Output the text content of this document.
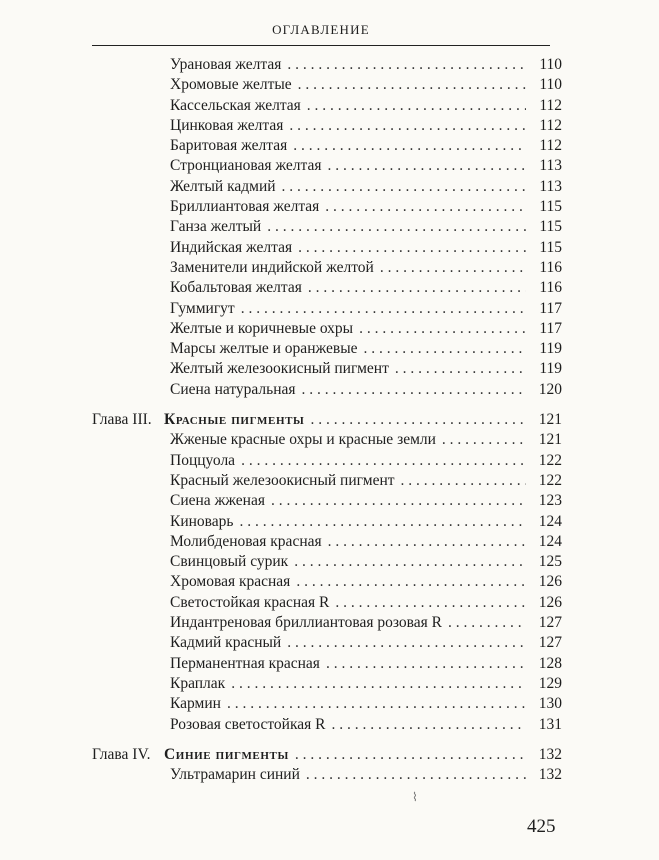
ОГЛАВЛЕНИЕ
Урановая желтая . . .	110
Хромовые желтые . . .	110
Кассельская желтая . . .	112
Цинковая желтая . . .	112
Баритовая желтая . . .	112
Стронциановая желтая . . .	113
Желтый кадмий . . .	113
Бриллиантовая желтая . . .	115
Ганза желтый . . .	115
Индийская желтая . . .	115
Заменители индийской желтой . . .	116
Кобальтовая желтая . . .	116
Гуммигут . . .	117
Желтые и коричневые охры . . .	117
Марсы желтые и оранжевые . . .	119
Желтый железоокисный пигмент . . .	119
Сиена натуральная . . .	120
Глава III. Красные пигменты . . .	121
Жженые красные охры и красные земли . . .	121
Поццуола . . .	122
Красный железоокисный пигмент . . .	122
Сиена жженая . . .	123
Киноварь . . .	124
Молибденовая красная . . .	124
Свинцовый сурик . . .	125
Хромовая красная . . .	126
Светостойкая красная R . . .	126
Индантреновая бриллиантовая розовая R . . .	127
Кадмий красный . . .	127
Перманентная красная . . .	128
Краплак . . .	129
Кармин . . .	130
Розовая светостойкая R . . .	131
Глава IV. Синие пигменты . . .	132
Ультрамарин синий . . .	132
⌇
425
